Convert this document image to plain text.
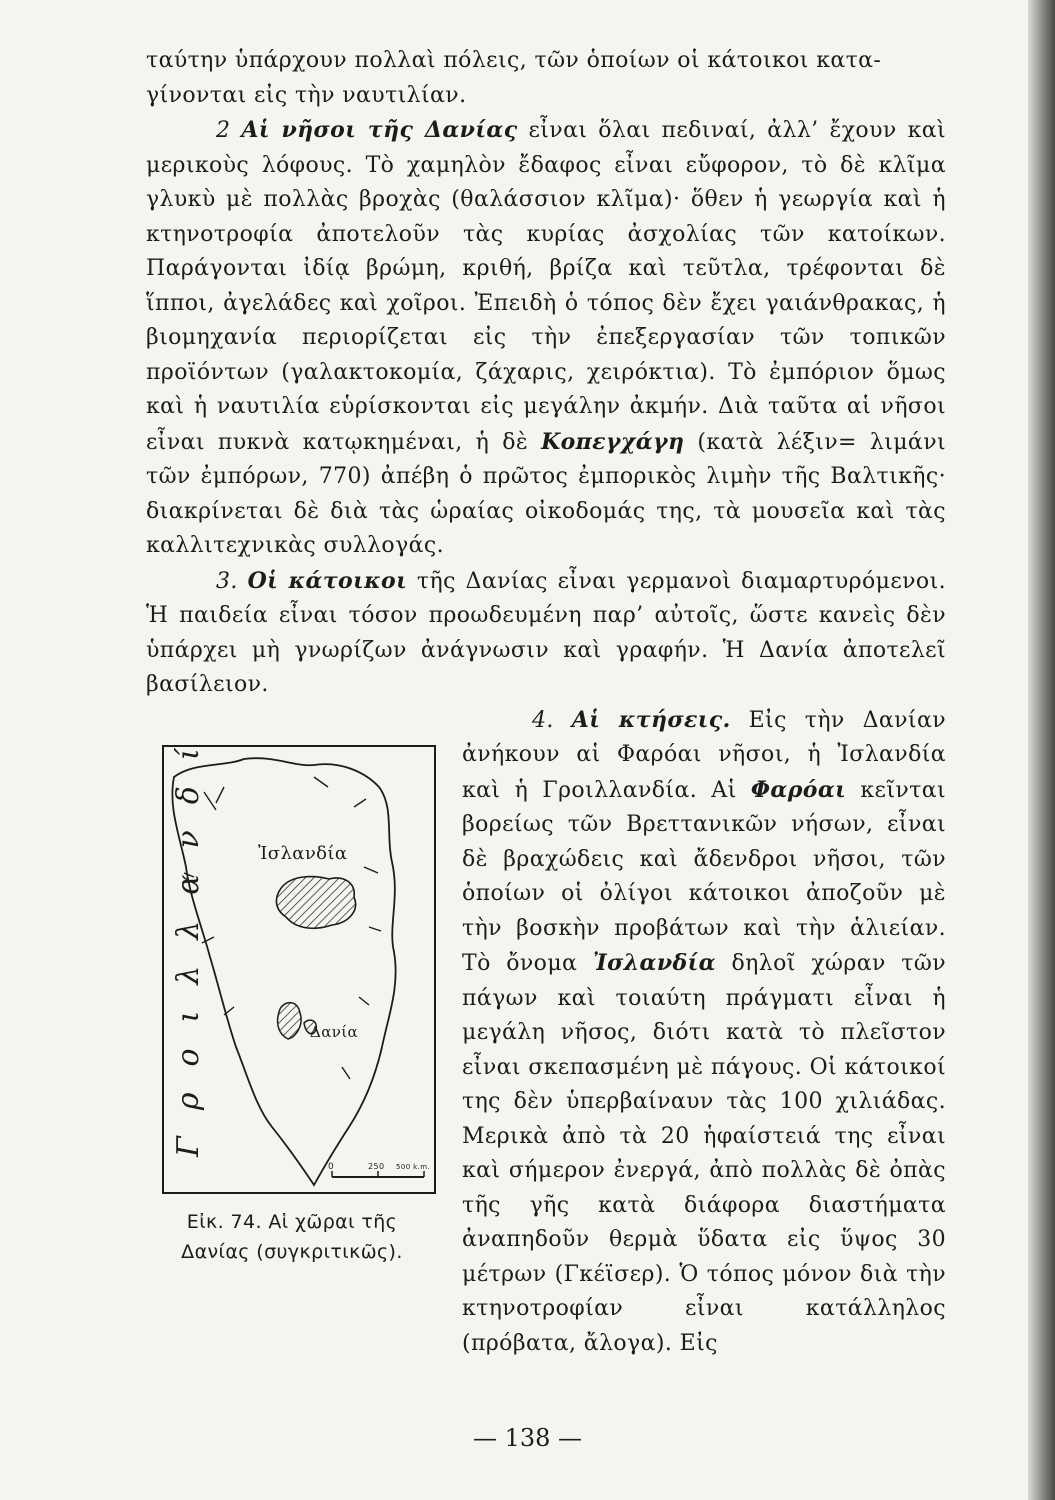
ταύτην ὑπάρχουν πολλαὶ πόλεις, τῶν ὁποίων οἱ κάτοικοι κατα-
γίνονται εἰς τὴν ναυτιλίαν.

2 Αἱ νῆσοι τῆς Δανίας εἶναι ὅλαι πεδιναί, ἀλλ’ ἔχουν καὶ μερικοὺς λόφους. Τὸ χαμηλὸν ἔδαφος εἶναι εὔφορον, τὸ δὲ κλῖμα γλυκὺ μὲ πολλὰς βροχὰς (θαλάσσιον κλῖμα)· ὅθεν ἡ γεωργία καὶ ἡ κτηνοτροφία ἀποτελοῦν τὰς κυρίας ἀσχολίας τῶν κατοίκων. Παράγονται ἰδίᾳ βρώμη, κριθή, βρίζα καὶ τεῦτλα, τρέφονται δὲ ἵπποι, ἀγελάδες καὶ χοῖροι. Ἐπειδὴ ὁ τόπος δὲν ἔχει γαιάνθρακας, ἡ βιομηχανία περιορίζεται εἰς τὴν ἐπεξεργασίαν τῶν τοπικῶν προϊόντων (γαλακτοκομία, ζάχαρις, χειρόκτια). Τὸ ἐμπόριον ὅμως καὶ ἡ ναυτιλία εὑρίσκονται εἰς μεγάλην ἀκμήν. Διὰ ταῦτα αἱ νῆσοι εἶναι πυκνὰ κατῳκημέναι, ἡ δὲ Κοπεγχάγη (κατὰ λέξιν= λιμάνι τῶν ἐμπόρων, 770) ἀπέβη ὁ πρῶτος ἐμπορικὸς λιμὴν τῆς Βαλτικῆς· διακρίνεται δὲ διὰ τὰς ὡραίας οἰκοδομάς της, τὰ μουσεῖα καὶ τὰς καλλιτεχνικὰς συλλογάς.

3. Οἱ κάτοικοι τῆς Δανίας εἶναι γερμανοὶ διαμαρτυρόμενοι. Ἡ παιδεία εἶναι τόσον προωδευμένη παρ’ αὐτοῖς, ὥστε κανεὶς δὲν ὑπάρχει μὴ γνωρίζων ἀνάγνωσιν καὶ γραφήν. Ἡ Δανία ἀποτελεῖ βασίλειον.

Ἰσλανδία
Δανία
Γροιλλανδία
0	250 500 k.m.
Εἰκ. 74. Αἱ χῶραι τῆς
Δανίας (συγκριτικῶς).

4. Αἱ κτήσεις. Εἰς τὴν Δανίαν ἀνήκουν αἱ Φαρόαι νῆσοι, ἡ Ἰσλανδία καὶ ἡ Γροιλλανδία. Αἱ Φαρόαι κεῖνται βορείως τῶν Βρεττανικῶν νήσων, εἶναι δὲ βραχώδεις καὶ ἄδενδροι νῆσοι, τῶν ὁποίων οἱ ὀλίγοι κάτοικοι ἀποζοῦν μὲ τὴν βοσκὴν προβάτων καὶ τὴν ἁλιείαν. Τὸ ὄνομα Ἰσλανδία δηλοῖ χώραν τῶν πάγων καὶ τοιαύτη πράγματι εἶναι ἡ μεγάλη νῆσος, διότι κατὰ τὸ πλεῖστον εἶναι σκεπασμένη μὲ πάγους. Οἱ κάτοικοί της δὲν ὑπερβαίναυν τὰς 100 χιλιάδας. Μερικὰ ἀπὸ τὰ 20 ἡφαίστειά της εἶναι καὶ σήμερον ἐνεργά, ἀπὸ πολλὰς δὲ ὀπὰς τῆς γῆς κατὰ διάφορα διαστήματα ἀναπηδοῦν θερμὰ ὕδατα εἰς ὕψος 30 μέτρων (Γκέϊσερ). Ὁ τόπος μόνον διὰ τὴν κτηνοτροφίαν εἶναι κατάλληλος (πρόβατα, ἄλογα). Εἰς

— 138 —
